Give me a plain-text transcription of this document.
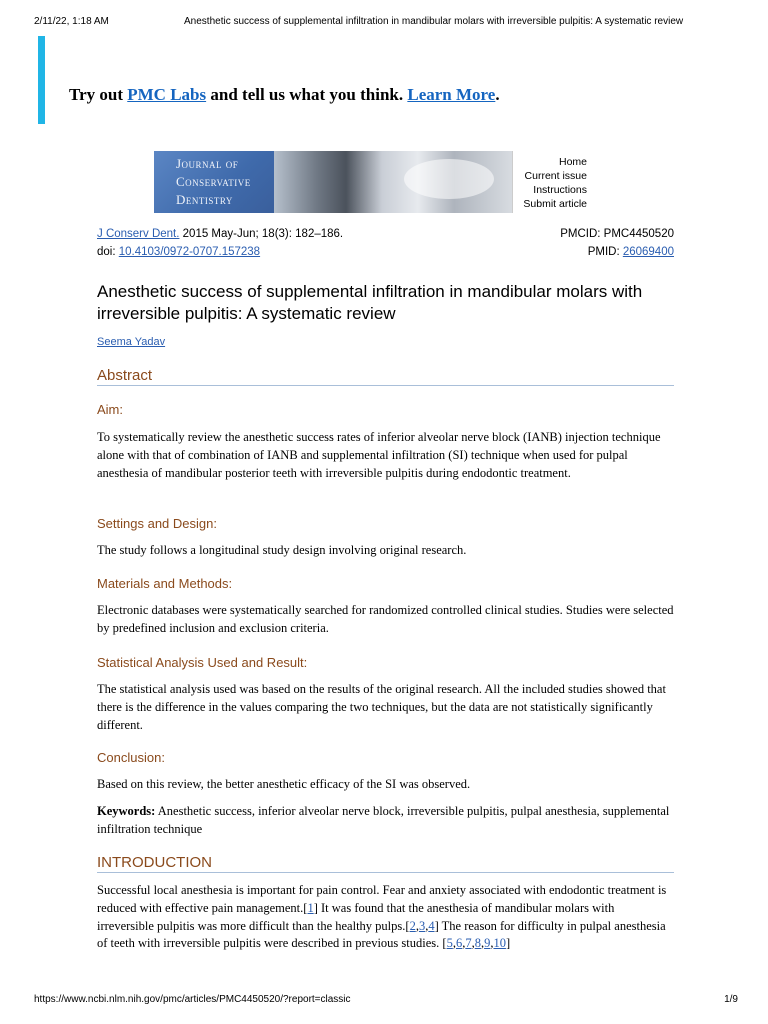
2/11/22, 1:18 AM	Anesthetic success of supplemental infiltration in mandibular molars with irreversible pulpitis: A systematic review
Try out PMC Labs and tell us what you think. Learn More.
Journal of
Conservative
Dentistry
Home
Current issue
Instructions
Submit article
J Conserv Dent. 2015 May-Jun; 18(3): 182–186.	PMCID: PMC4450520
doi: 10.4103/0972-0707.157238	PMID: 26069400
Anesthetic success of supplemental infiltration in mandibular molars with irreversible pulpitis: A systematic review
Seema Yadav
Abstract
Aim:

To systematically review the anesthetic success rates of inferior alveolar nerve block (IANB) injection technique alone with that of combination of IANB and supplemental infiltration (SI) technique when used for pulpal anesthesia of mandibular posterior teeth with irreversible pulpitis during endodontic treatment.

Settings and Design:

The study follows a longitudinal study design involving original research.

Materials and Methods:

Electronic databases were systematically searched for randomized controlled clinical studies. Studies were selected by predefined inclusion and exclusion criteria.

Statistical Analysis Used and Result:

The statistical analysis used was based on the results of the original research. All the included studies showed that there is the difference in the values comparing the two techniques, but the data are not statistically significantly different.

Conclusion:

Based on this review, the better anesthetic efficacy of the SI was observed.

Keywords: Anesthetic success, inferior alveolar nerve block, irreversible pulpitis, pulpal anesthesia, supplemental infiltration technique

INTRODUCTION

Successful local anesthesia is important for pain control. Fear and anxiety associated with endodontic treatment is reduced with effective pain management.[1] It was found that the anesthesia of mandibular molars with irreversible pulpitis was more difficult than the healthy pulps.[2,3,4] The reason for difficulty in pulpal anesthesia of teeth with irreversible pulpitis were described in previous studies. [5,6,7,8,9,10]

https://www.ncbi.nlm.nih.gov/pmc/articles/PMC4450520/?report=classic	1/9
